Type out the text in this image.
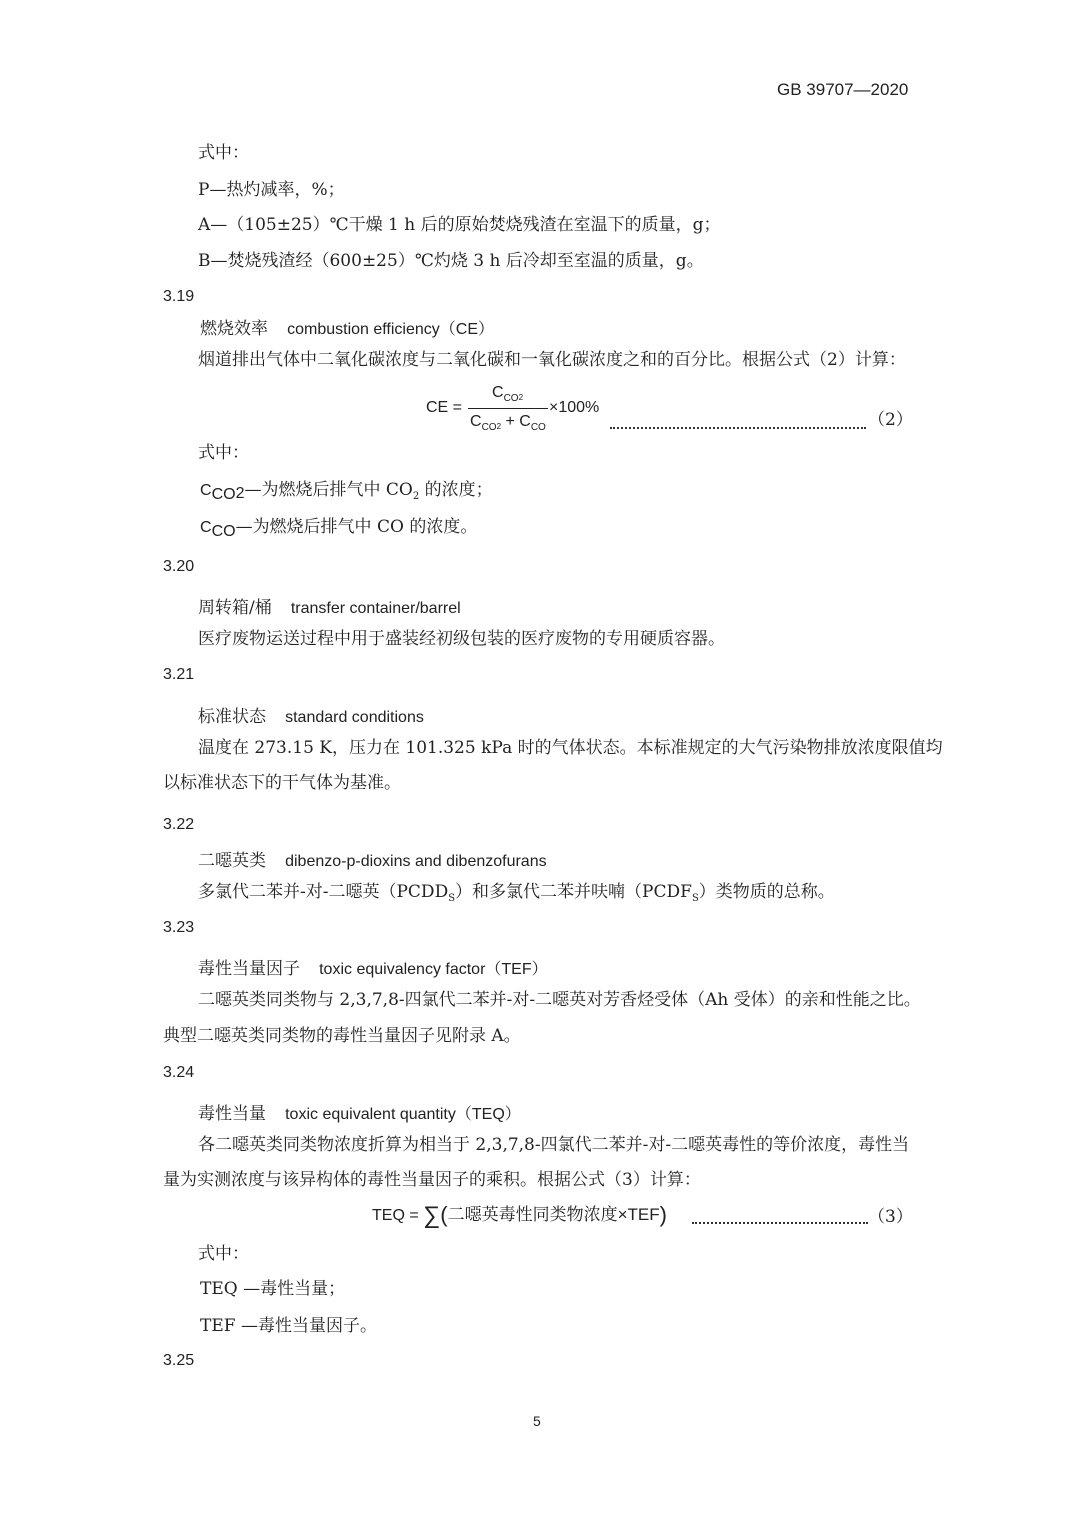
GB 39707—2020
式中：
P—热灼减率，%；
A—（105±25）℃干燥 1 h 后的原始焚烧残渣在室温下的质量，g；
B—焚烧残渣经（600±25）℃灼烧 3 h 后冷却至室温的质量，g。
3.19
燃烧效率 combustion efficiency（CE）
烟道排出气体中二氧化碳浓度与二氧化碳和一氧化碳浓度之和的百分比。根据公式（2）计算：
CE =
$C_{CO}2$
$C_{CO}2 + C_{CO}$
×100%
（2）
式中：
CCO2—为燃烧后排气中 $CO_2$ 的浓度；
CCO—为燃烧后排气中 CO 的浓度。
3.20
周转箱/桶 transfer container/barrel
医疗废物运送过程中用于盛装经初级包装的医疗废物的专用硬质容器。
3.21
标准状态 standard conditions
温度在 273.15 K，压力在 101.325 kPa 时的气体状态。本标准规定的大气污染物排放浓度限值均
以标准状态下的干气体为基准。
3.22
二噁英类 dibenzo-p-dioxins and dibenzofurans
多氯代二苯并-对-二噁英$(PCDD_S)$和多氯代二苯并呋喃$(PCDF_S)$类物质的总称。
3.23
毒性当量因子 toxic equivalency factor（TEF）
二噁英类同类物与 2,3,7,8-四氯代二苯并-对-二噁英对芳香烃受体（Ah 受体）的亲和性能之比。
典型二噁英类同类物的毒性当量因子见附录 A。
3.24
毒性当量 toxic equivalent quantity（TEQ）
各二噁英类同类物浓度折算为相当于 2,3,7,8-四氯代二苯并-对-二噁英毒性的等价浓度，毒性当
量为实测浓度与该异构体的毒性当量因子的乘积。根据公式（3）计算：
TEQ = ∑(二噁英毒性同类物浓度×TEF)	（3）
式中：
TEQ —毒性当量；
TEF —毒性当量因子。
3.25
5
